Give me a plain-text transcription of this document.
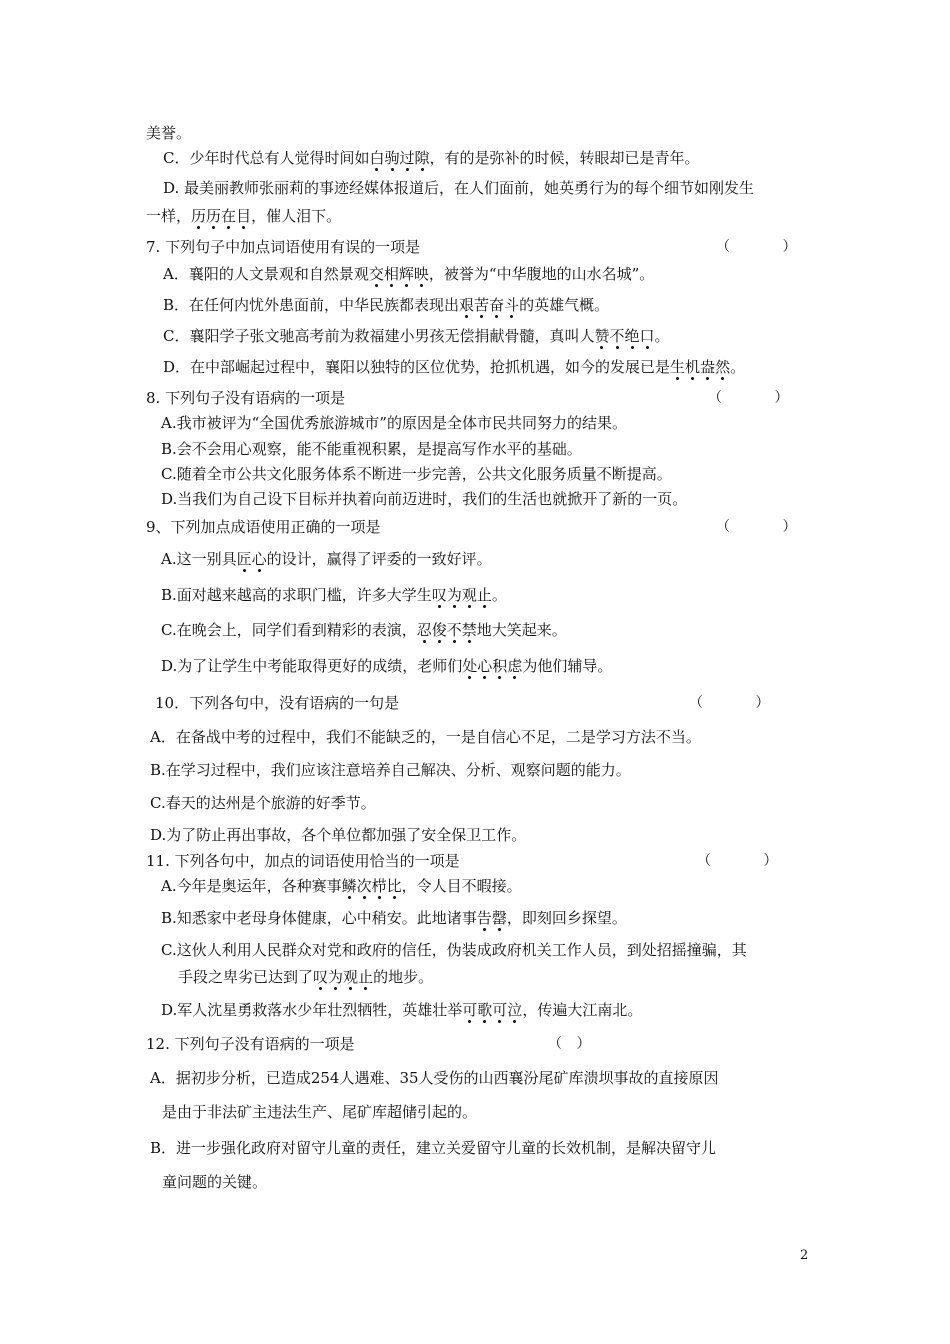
美誉。
C．少年时代总有人觉得时间如白驹过隙，有的是弥补的时候，转眼却已是青年。
D. 最美丽教师张丽莉的事迹经媒体报道后，在人们面前，她英勇行为的每个细节如刚发生
一样，历历在目，催人泪下。
7. 下列句子中加点词语使用有误的一项是	（	）
A．襄阳的人文景观和自然景观交相辉映，被誉为“中华腹地的山水名城”。
B．在任何内忧外患面前，中华民族都表现出艰苦奋斗的英雄气概。
C．襄阳学子张文驰高考前为救福建小男孩无偿捐献骨髓，真叫人赞不绝口。
D．在中部崛起过程中，襄阳以独特的区位优势，抢抓机遇，如今的发展已是生机盎然。
8. 下列句子没有语病的一项是	（	）
A.我市被评为“全国优秀旅游城市”的原因是全体市民共同努力的结果。
B.会不会用心观察，能不能重视积累，是提高写作水平的基础。
C.随着全市公共文化服务体系不断进一步完善，公共文化服务质量不断提高。
D.当我们为自己设下目标并执着向前迈进时，我们的生活也就掀开了新的一页。
9、下列加点成语使用正确的一项是	（	）
A.这一别具匠心的设计，赢得了评委的一致好评。
B.面对越来越高的求职门槛，许多大学生叹为观止。
C.在晚会上，同学们看到精彩的表演，忍俊不禁地大笑起来。
D.为了让学生中考能取得更好的成绩，老师们处心积虑为他们辅导。
10．下列各句中，没有语病的一句是	（	）
A．在备战中考的过程中，我们不能缺乏的，一是自信心不足，二是学习方法不当。
B.在学习过程中，我们应该注意培养自己解决、分析、观察问题的能力。
C.春天的达州是个旅游的好季节。
D.为了防止再出事故，各个单位都加强了安全保卫工作。
11. 下列各句中，加点的词语使用恰当的一项是	（	）
A.今年是奥运年，各种赛事鳞次栉比，令人目不暇接。
B.知悉家中老母身体健康，心中稍安。此地诸事告罄，即刻回乡探望。
C.这伙人利用人民群众对党和政府的信任，伪装成政府机关工作人员，到处招摇撞骗，其
手段之卑劣已达到了叹为观止的地步。
D.军人沈星勇救落水少年壮烈牺牲，英雄壮举可歌可泣，传遍大江南北。
12. 下列句子没有语病的一项是	（ ）
A．据初步分析，已造成254人遇难、35人受伤的山西襄汾尾矿库溃坝事故的直接原因
是由于非法矿主违法生产、尾矿库超储引起的。
B．进一步强化政府对留守儿童的责任，建立关爱留守儿童的长效机制，是解决留守儿
童问题的关键。
2
